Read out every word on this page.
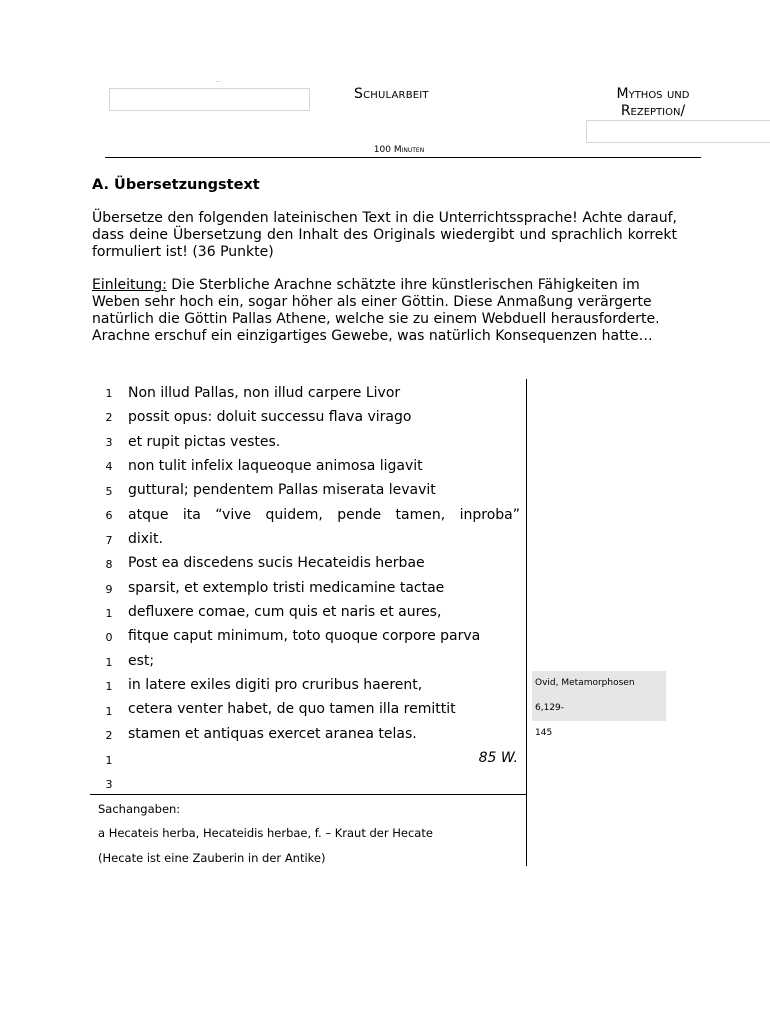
··
Schularbeit	Mythos und Rezeption/
100 Minuten
A. Übersetzungstext
Übersetze den folgenden lateinischen Text in die Unterrichtssprache! Achte darauf, dass deine Übersetzung den Inhalt des Originals wiedergibt und sprachlich korrekt formuliert ist! (36 Punkte)
Einleitung: Die Sterbliche Arachne schätzte ihre künstlerischen Fähigkeiten im Weben sehr hoch ein, sogar höher als einer Göttin. Diese Anmaßung verärgerte natürlich die Göttin Pallas Athene, welche sie zu einem Webduell herausforderte. Arachne erschuf ein einzigartiges Gewebe, was natürlich Konsequenzen hatte…
1
2
3
4
5
6
7
8
9
1
0
1
1
1
2
1
3
Non illud Pallas, non illud carpere Livor
possit opus: doluit successu flava virago
et rupit pictas vestes.
non tulit infelix laqueoque animosa ligavit
guttural; pendentem Pallas miserata levavit
atque ita “vive quidem, pende tamen, inproba”
dixit.
Post ea discedens sucis Hecateidis herbae
sparsit, et extemplo tristi medicamine tactae
defluxere comae, cum quis et naris et aures,
fitque caput minimum, toto quoque corpore parva
est;
in latere exiles digiti pro cruribus haerent,
cetera venter habet, de quo tamen illa remittit
stamen et antiquas exercet aranea telas.
85 W.
Ovid, Metamorphosen 6,129-
145
Sachangaben:
a Hecateis herba, Hecateidis herbae, f. – Kraut der Hecate
(Hecate ist eine Zauberin in der Antike)
